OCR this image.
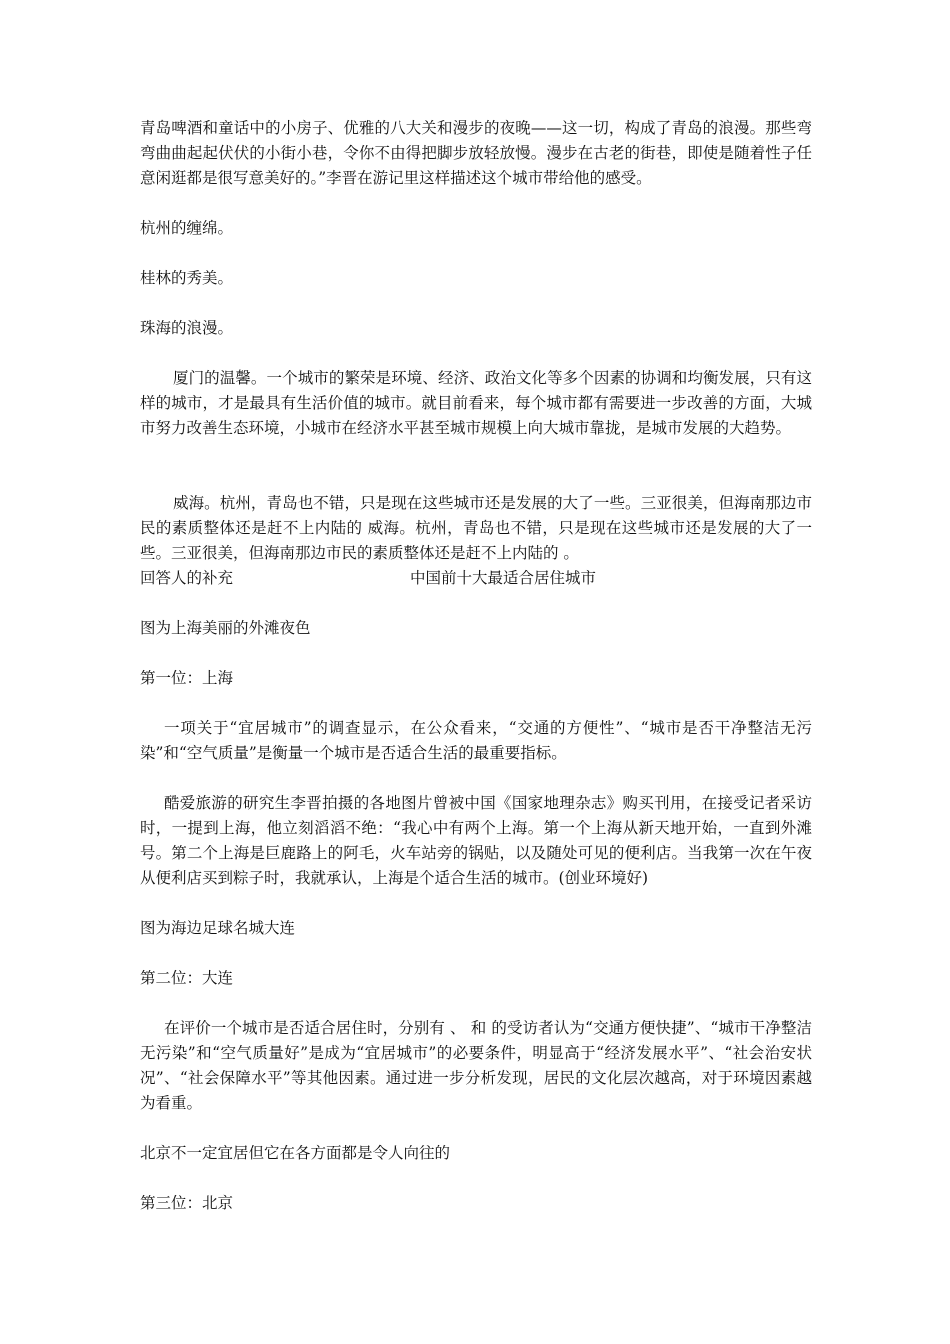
青岛啤酒和童话中的小房子、优雅的八大关和漫步的夜晚——这一切，构成了青岛的浪漫。那些弯弯曲曲起起伏伏的小街小巷，令你不由得把脚步放轻放慢。漫步在古老的街巷，即使是随着性子任意闲逛都是很写意美好的。”李晋在游记里这样描述这个城市带给他的感受。

杭州的缠绵。

桂林的秀美。

珠海的浪漫。

厦门的温馨。一个城市的繁荣是环境、经济、政治文化等多个因素的协调和均衡发展，只有这样的城市，才是最具有生活价值的城市。就目前看来，每个城市都有需要进一步改善的方面，大城市努力改善生态环境，小城市在经济水平甚至城市规模上向大城市靠拢，是城市发展的大趋势。

威海。杭州，青岛也不错，只是现在这些城市还是发展的大了一些。三亚很美，但海南那边市民的素质整体还是赶不上内陆的 威海。杭州，青岛也不错，只是现在这些城市还是发展的大了一些。三亚很美，但海南那边市民的素质整体还是赶不上内陆的 。

回答人的补充	中国前十大最适合居住城市

图为上海美丽的外滩夜色

第一位：上海

一项关于“宜居城市”的调查显示，在公众看来，“交通的方便性”、“城市是否干净整洁无污染”和“空气质量”是衡量一个城市是否适合生活的最重要指标。

酷爱旅游的研究生李晋拍摄的各地图片曾被中国《国家地理杂志》购买刊用，在接受记者采访时，一提到上海，他立刻滔滔不绝：“我心中有两个上海。第一个上海从新天地开始，一直到外滩 号。第二个上海是巨鹿路上的阿毛，火车站旁的锅贴，以及随处可见的便利店。当我第一次在午夜从便利店买到粽子时，我就承认，上海是个适合生活的城市。(创业环境好)

图为海边足球名城大连

第二位：大连

在评价一个城市是否适合居住时，分别有 、 和 的受访者认为“交通方便快捷”、“城市干净整洁无污染”和“空气质量好”是成为“宜居城市”的必要条件，明显高于“经济发展水平”、“社会治安状况”、“社会保障水平”等其他因素。通过进一步分析发现，居民的文化层次越高，对于环境因素越为看重。

北京不一定宜居但它在各方面都是令人向往的

第三位：北京
